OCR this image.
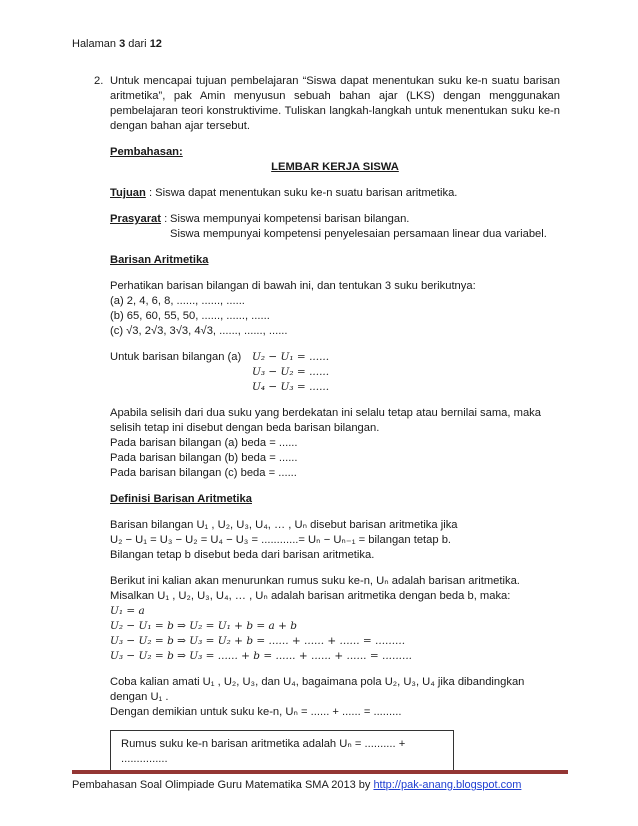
Halaman 3 dari 12
2. Untuk mencapai tujuan pembelajaran “Siswa dapat menentukan suku ke-n suatu barisan aritmetika”, pak Amin menyusun sebuah bahan ajar (LKS) dengan menggunakan pembelajaran teori konstruktivime. Tuliskan langkah-langkah untuk menentukan suku ke-n dengan bahan ajar tersebut.
Pembahasan:
LEMBAR KERJA SISWA
Tujuan : Siswa dapat menentukan suku ke-n suatu barisan aritmetika.
Prasyarat : Siswa mempunyai kompetensi barisan bilangan.
Siswa mempunyai kompetensi penyelesaian persamaan linear dua variabel.
Barisan Aritmetika
Perhatikan barisan bilangan di bawah ini, dan tentukan 3 suku berikutnya:
(a) 2, 4, 6, 8, ......, ......, ......
(b) 65, 60, 55, 50, ......, ......, ......
(c) √3, 2√3, 3√3, 4√3, ......, ......, ......
Untuk barisan bilangan (a)	U₂ − U₁ = ......
U₃ − U₂ = ......
U₄ − U₃ = ......
Apabila selisih dari dua suku yang berdekatan ini selalu tetap atau bernilai sama, maka selisih tetap ini disebut dengan beda barisan bilangan.
Pada barisan bilangan (a) beda = ......
Pada barisan bilangan (b) beda = ......
Pada barisan bilangan (c) beda = ......
Definisi Barisan Aritmetika
Barisan bilangan U₁ , U₂, U₃, U₄, … , Uₙ disebut barisan aritmetika jika
U₂ − U₁ = U₃ − U₂ = U₄ − U₃ = ............= Uₙ − Uₙ₋₁ = bilangan tetap b.
Bilangan tetap b disebut beda dari barisan aritmetika.
Berikut ini kalian akan menurunkan rumus suku ke-n, Uₙ adalah barisan aritmetika.
Misalkan U₁ , U₂, U₃, U₄, … , Uₙ adalah barisan aritmetika dengan beda b, maka:
U₁ = a
U₂ − U₁ = b ⇒ U₂ = U₁ + b = a + b
U₃ − U₂ = b ⇒ U₃ = U₂ + b = ...... + ...... + ...... = .........
U₃ − U₂ = b ⇒ U₃ = ...... + b = ...... + ...... + ...... = .........
Coba kalian amati U₁ , U₂, U₃, dan U₄, bagaimana pola U₂, U₃, U₄ jika dibandingkan dengan U₁ .
Dengan demikian untuk suku ke-n, Uₙ = ...... + ...... = .........
Rumus suku ke-n barisan aritmetika adalah Uₙ = .......... + ...............
Pembahasan Soal Olimpiade Guru Matematika SMA 2013 by http://pak-anang.blogspot.com
